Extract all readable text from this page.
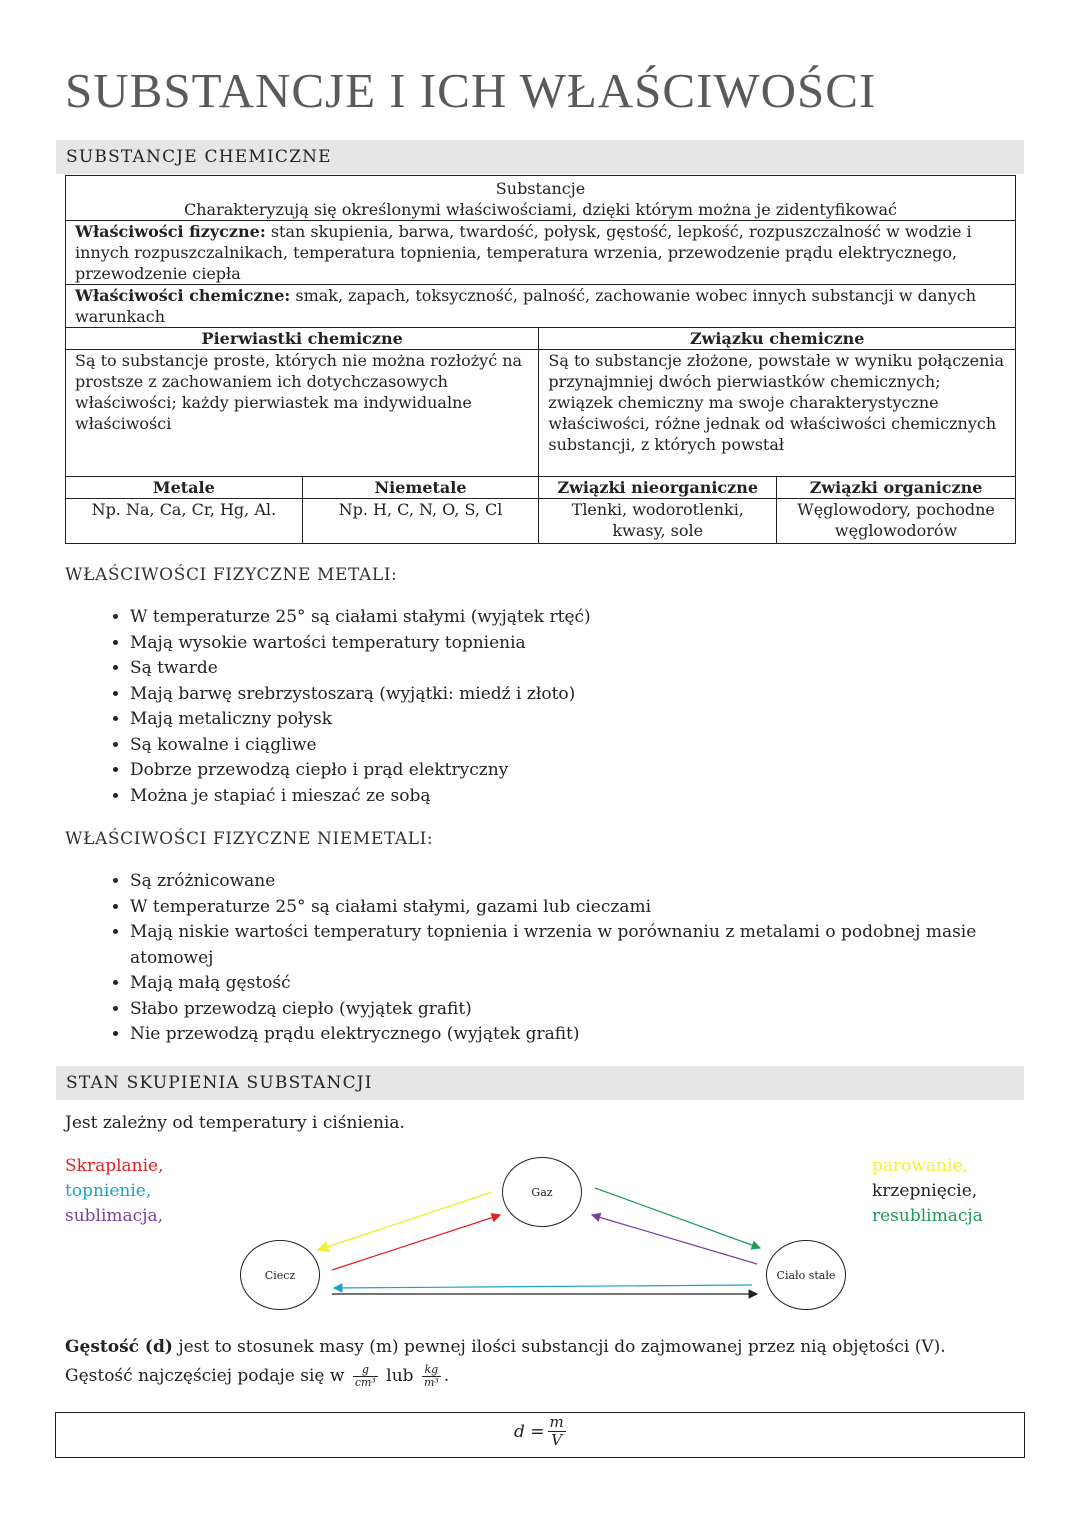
SUBSTANCJE I ICH WŁAŚCIWOŚCI
SUBSTANCJE CHEMICZNE
Substancje
Charakteryzują się określonymi właściwościami, dzięki którym można je zidentyfikować			

Właściwości fizyczne: stan skupienia, barwa, twardość, połysk, gęstość, lepkość, rozpuszczalność w wodzie i innych rozpuszczalnikach, temperatura topnienia, temperatura wrzenia, przewodzenie prądu elektrycznego, przewodzenie ciepła			
Właściwości chemiczne: smak, zapach, toksyczność, palność, zachowanie wobec innych substancji w danych warunkach			
Pierwiastki chemiczne		Związku chemiczne	
Są to substancje proste, których nie można rozłożyć na prostsze z zachowaniem ich dotychczasowych właściwości; każdy pierwiastek ma indywidualne właściwości		Są to substancje złożone, powstałe w wyniku połączenia przynajmniej dwóch pierwiastków chemicznych; związek chemiczny ma swoje charakterystyczne właściwości, różne jednak od właściwości chemicznych substancji, z których powstał	
Metale	Niemetale	Związki nieorganiczne	Związki organiczne
Np. Na, Ca, Cr, Hg, Al.	Np. H, C, N, O, S, Cl	Tlenki, wodorotlenki, kwasy, sole	Węglowodory, pochodne węglowodorów
WŁAŚCIWOŚCI FIZYCZNE METALI:
• W temperaturze 25° są ciałami stałymi (wyjątek rtęć)
• Mają wysokie wartości temperatury topnienia
• Są twarde
• Mają barwę srebrzystoszarą (wyjątki: miedź i złoto)
• Mają metaliczny połysk
• Są kowalne i ciągliwe
• Dobrze przewodzą ciepło i prąd elektryczny
• Można je stapiać i mieszać ze sobą
WŁAŚCIWOŚCI FIZYCZNE NIEMETALI:
• Są zróżnicowane
• W temperaturze 25° są ciałami stałymi, gazami lub cieczami
• Mają niskie wartości temperatury topnienia i wrzenia w porównaniu z metalami o podobnej masie atomowej
• Mają małą gęstość
• Słabo przewodzą ciepło (wyjątek grafit)
• Nie przewodzą prądu elektrycznego (wyjątek grafit)
STAN SKUPIENIA SUBSTANCJI
Jest zależny od temperatury i ciśnienia.
Skraplanie,
topnienie,
sublimacja,
parowanie,
krzepnięcie,
resublimacja
Gaz
Ciecz	Ciało stałe
Gęstość (d) jest to stosunek masy (m) pewnej ilości substancji do zajmowanej przez nią objętości (V). Gęstość najczęściej podaje się w $\frac{g}{\text{cm³}}$ lub $\frac{kg}{\text{m³}}$ .
$d = \frac{m}{V}$
